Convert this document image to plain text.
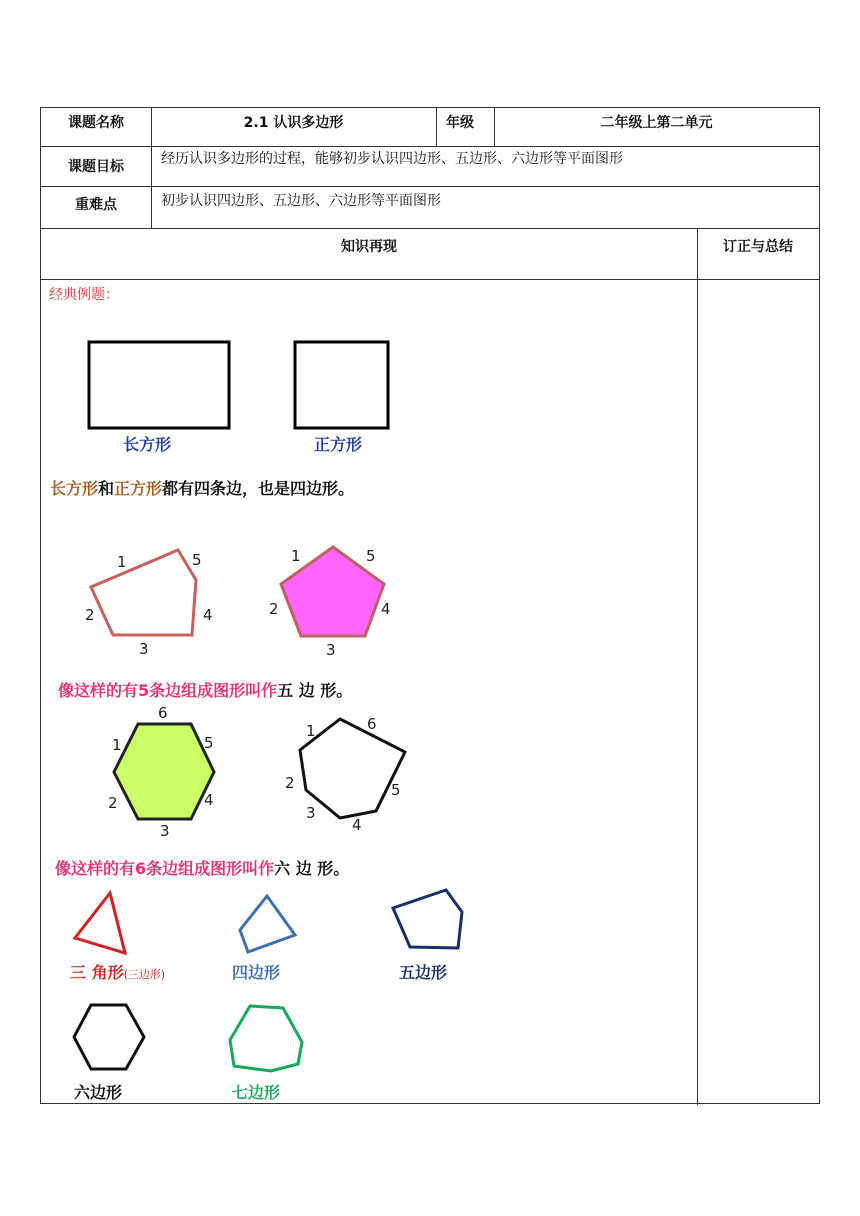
课题名称	2.1 认识多边形	年级	二年级上第二单元
课题目标	经历认识多边形的过程，能够初步认识四边形、五边形、六边形等平面图形
重难点	初步认识四边形、五边形、六边形等平面图形
知识再现	订正与总结
经典例题：
1	5
2	4
3
1	5
2	4
3
6
1	5
2	4
3
1	6
2	5
3
4
长方形	正方形
长方形和正方形都有四条边，也是四边形。
像这样的有5条边组成图形叫作五 边 形。
像这样的有6条边组成图形叫作六 边 形。
三 角形(三边形)	四边形	五边形
六边形	七边形
